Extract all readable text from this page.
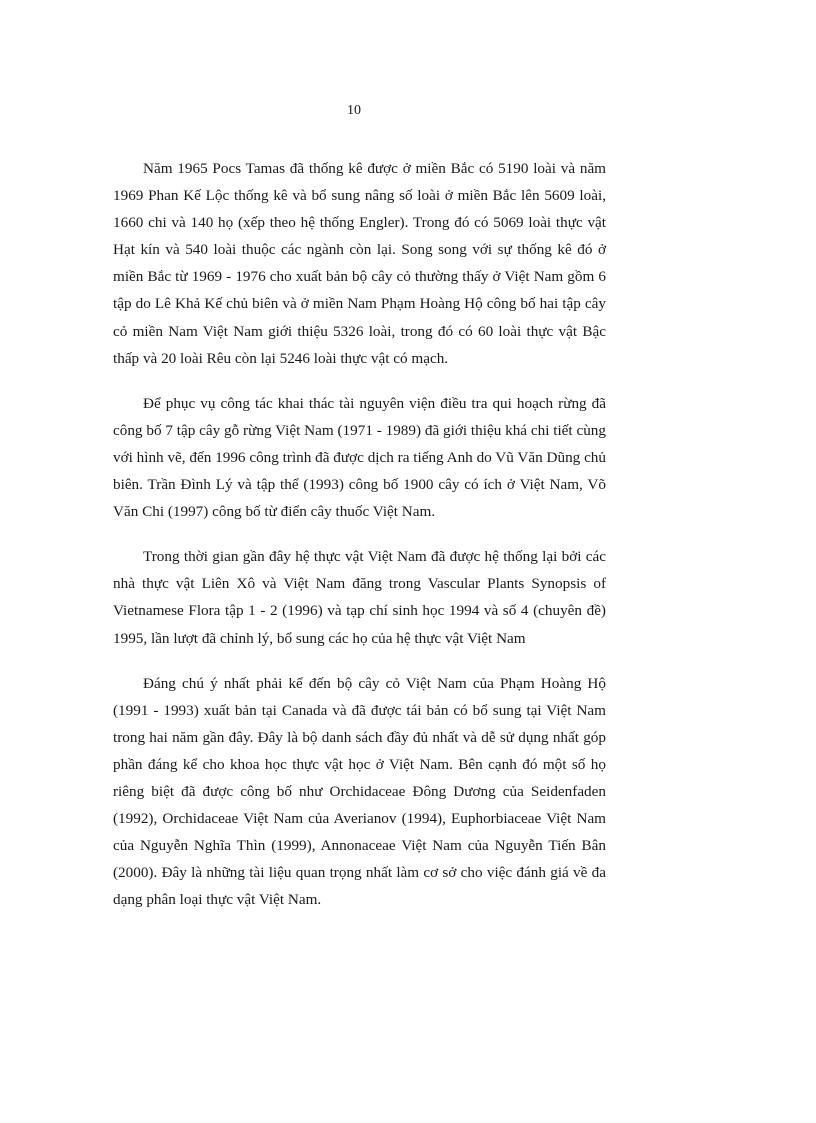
10

Năm 1965 Pocs Tamas đã thống kê được ở miền Bắc có 5190 loài và năm 1969 Phan Kế Lộc thống kê và bổ sung nâng số loài ở miền Bắc lên 5609 loài, 1660 chi và 140 họ (xếp theo hệ thống Engler). Trong đó có 5069 loài thực vật Hạt kín và 540 loài thuộc các ngành còn lại. Song song với sự thống kê đó ở miền Bắc từ 1969 - 1976 cho xuất bản bộ cây cỏ thường thấy ở Việt Nam gồm 6 tập do Lê Khả Kế chủ biên và ở miền Nam Phạm Hoàng Hộ công bố hai tập cây cỏ miền Nam Việt Nam giới thiệu 5326 loài, trong đó có 60 loài thực vật Bậc thấp và 20 loài Rêu còn lại 5246 loài thực vật có mạch.

Để phục vụ công tác khai thác tài nguyên viện điều tra qui hoạch rừng đã công bố 7 tập cây gỗ rừng Việt Nam (1971 - 1989) đã giới thiệu khá chi tiết cùng với hình vẽ, đến 1996 công trình đã được dịch ra tiếng Anh do Vũ Văn Dũng chủ biên. Trần Đình Lý và tập thể (1993) công bố 1900 cây có ích ở Việt Nam, Võ Văn Chi (1997) công bố từ điển cây thuốc Việt Nam.

Trong thời gian gần đây hệ thực vật Việt Nam đã được hệ thống lại bởi các nhà thực vật Liên Xô và Việt Nam đăng trong Vascular Plants Synopsis of Vietnamese Flora tập 1 - 2 (1996) và tạp chí sinh học 1994 và số 4 (chuyên đề) 1995, lần lượt đã chỉnh lý, bổ sung các họ của hệ thực vật Việt Nam

Đáng chú ý nhất phải kể đến bộ cây cỏ Việt Nam của Phạm Hoàng Hộ (1991 - 1993) xuất bản tại Canada và đã được tái bản có bổ sung tại Việt Nam trong hai năm gần đây. Đây là bộ danh sách đầy đủ nhất và dễ sử dụng nhất góp phần đáng kể cho khoa học thực vật học ở Việt Nam. Bên cạnh đó một số họ riêng biệt đã được công bố như Orchidaceae Đông Dương của Seidenfaden (1992), Orchidaceae Việt Nam của Averianov (1994), Euphorbiaceae Việt Nam của Nguyễn Nghĩa Thìn (1999), Annonaceae Việt Nam của Nguyễn Tiến Bân (2000). Đây là những tài liệu quan trọng nhất làm cơ sở cho việc đánh giá về đa dạng phân loại thực vật Việt Nam.
